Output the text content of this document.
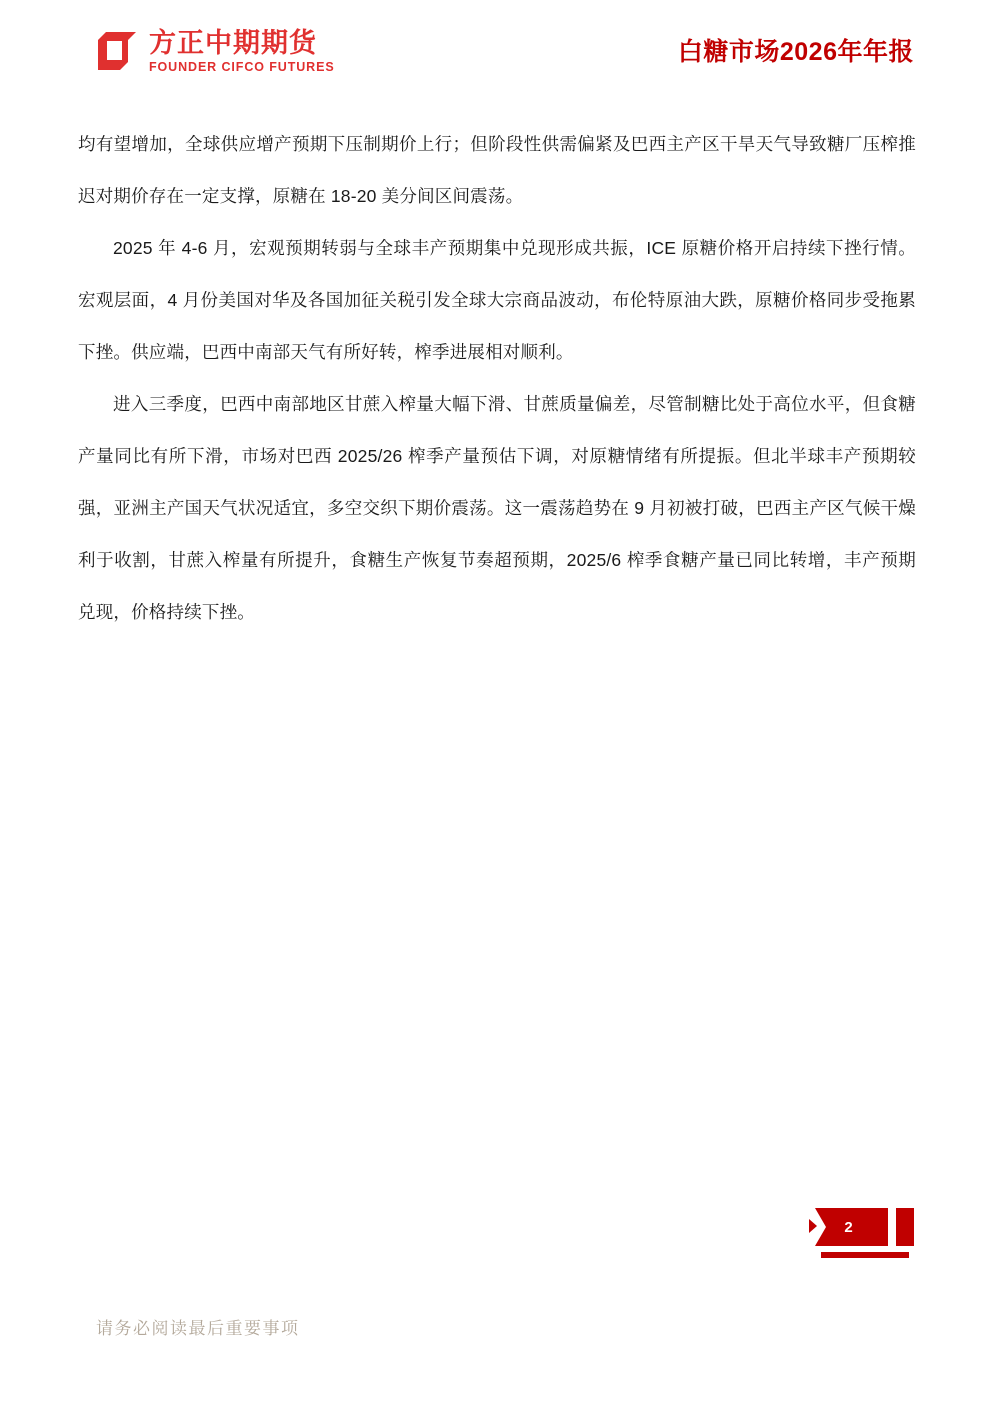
方正中期期货
FOUNDER CIFCO FUTURES
白糖市场2026年年报

均有望增加，全球供应增产预期下压制期价上行；但阶段性供需偏紧及巴西主产区干旱天气导致糖厂压榨推迟对期价存在一定支撑，原糖在 18-20 美分间区间震荡。

2025 年 4-6 月，宏观预期转弱与全球丰产预期集中兑现形成共振，ICE 原糖价格开启持续下挫行情。宏观层面，4 月份美国对华及各国加征关税引发全球大宗商品波动，布伦特原油大跌，原糖价格同步受拖累下挫。供应端，巴西中南部天气有所好转，榨季进展相对顺利。

进入三季度，巴西中南部地区甘蔗入榨量大幅下滑、甘蔗质量偏差，尽管制糖比处于高位水平，但食糖产量同比有所下滑，市场对巴西 2025/26 榨季产量预估下调，对原糖情绪有所提振。但北半球丰产预期较强，亚洲主产国天气状况适宜，多空交织下期价震荡。这一震荡趋势在 9 月初被打破，巴西主产区气候干燥利于收割，甘蔗入榨量有所提升，食糖生产恢复节奏超预期，2025/6 榨季食糖产量已同比转增，丰产预期兑现，价格持续下挫。

2
请务必阅读最后重要事项
